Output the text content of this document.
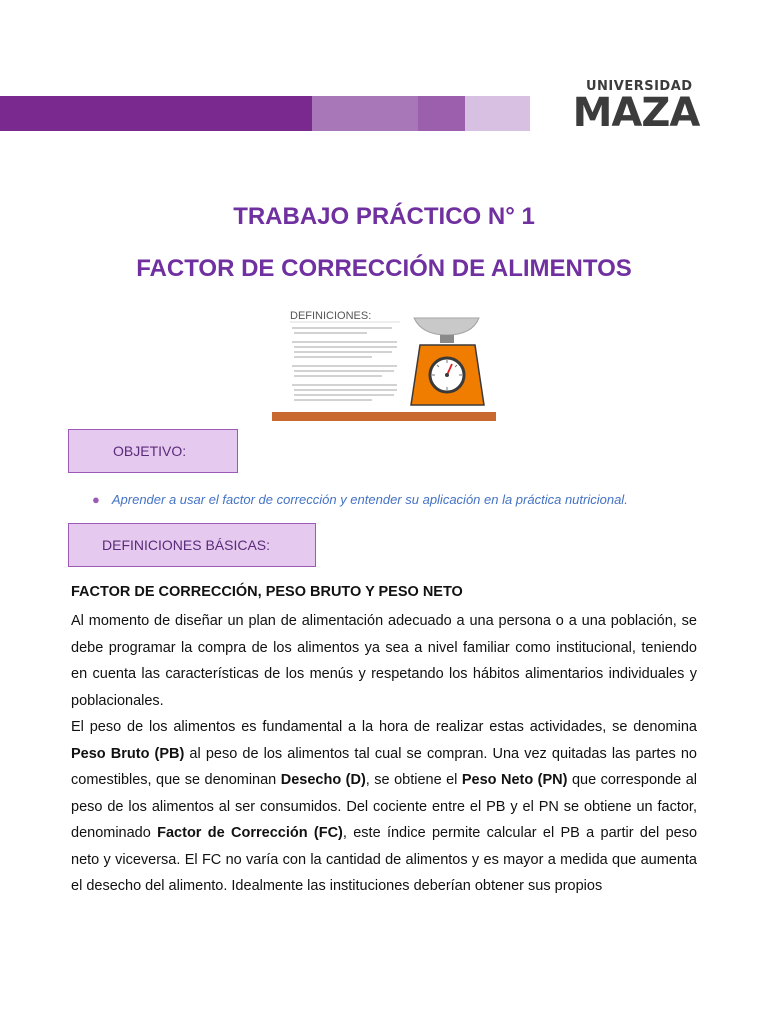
UNIVERSIDAD
MAZA
TRABAJO PRÁCTICO N° 1
FACTOR DE CORRECCIÓN DE ALIMENTOS
DEFINICIONES:
OBJETIVO:
● Aprender a usar el factor de corrección y entender su aplicación en la práctica nutricional.
DEFINICIONES BÁSICAS:
FACTOR DE CORRECCIÓN, PESO BRUTO Y PESO NETO

Al momento de diseñar un plan de alimentación adecuado a una persona o a una población, se debe programar la compra de los alimentos ya sea a nivel familiar como institucional, teniendo en cuenta las características de los menús y respetando los hábitos alimentarios individuales y poblacionales.

El peso de los alimentos es fundamental a la hora de realizar estas actividades, se denomina Peso Bruto (PB) al peso de los alimentos tal cual se compran. Una vez quitadas las partes no comestibles, que se denominan Desecho (D), se obtiene el Peso Neto (PN) que corresponde al peso de los alimentos al ser consumidos. Del cociente entre el PB y el PN se obtiene un factor, denominado Factor de Corrección (FC), este índice permite calcular el PB a partir del peso neto y viceversa. El FC no varía con la cantidad de alimentos y es mayor a medida que aumenta el desecho del alimento. Idealmente las instituciones deberían obtener sus propios
